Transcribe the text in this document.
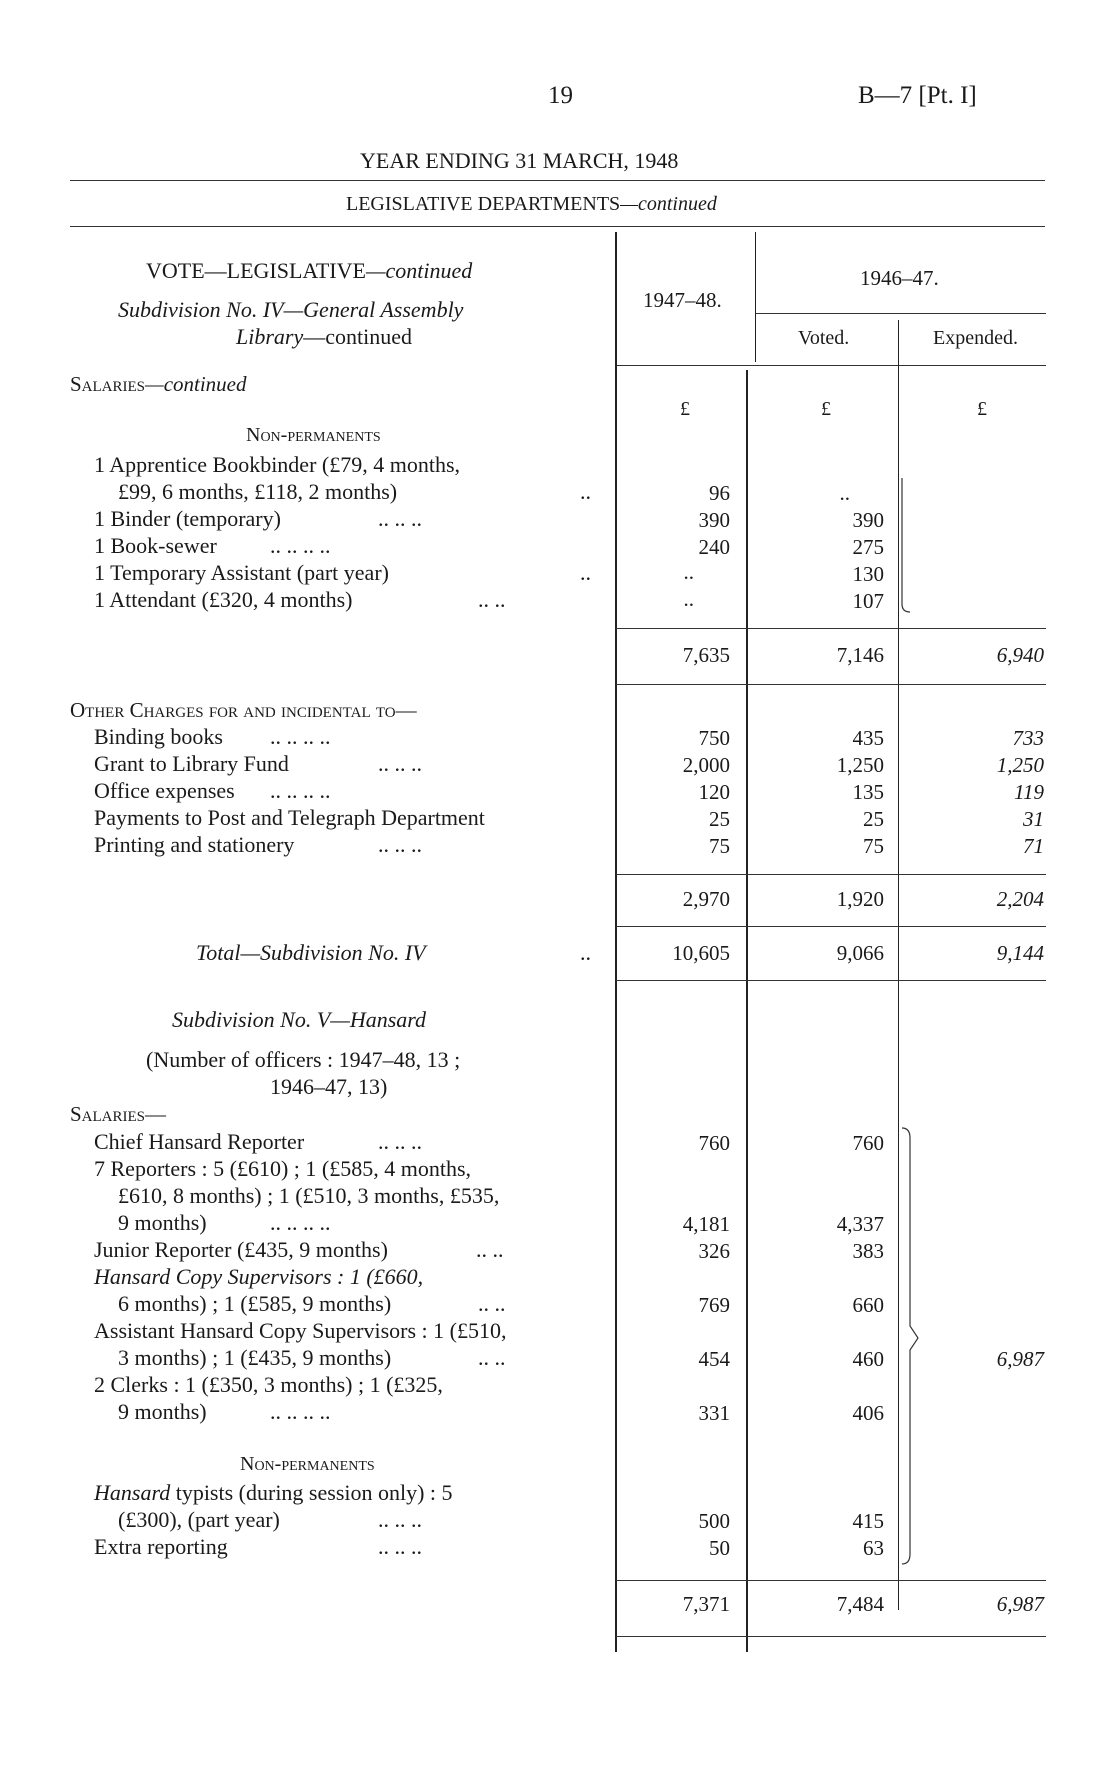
19	B—7 [Pt. I]
YEAR ENDING 31 MARCH, 1948
LEGISLATIVE DEPARTMENTS—continued
VOTE—LEGISLATIVE—continued
Subdivision No. IV—General Assembly
Library—continued
1947–48.
1946–47.
Voted.	Expended.
Salaries—continued
£	£	£
Non-permanents
1 Apprentice Bookbinder (£79, 4 months,
£99, 6 months, £118, 2 months)	..	96	..
1 Binder (temporary)	.. .. ..	390	390
1 Book-sewer .. .. .. ..	240	275
1 Temporary Assistant (part year)	..	..	130
1 Attendant (£320, 4 months)	.. ..	..	107
7,635	7,146	6,940
Other Charges for and incidental to—
Binding books .. .. .. ..	750	435	733
Grant to Library Fund	.. .. ..	2,000	1,250	1,250
Office expenses .. .. .. ..	120	135	119
Payments to Post and Telegraph Department	25	25	31
Printing and stationery	.. .. ..	75	75	71
2,970	1,920	2,204
Total—Subdivision No. IV	..	10,605	9,066	9,144
Subdivision No. V—Hansard
(Number of officers : 1947–48, 13 ;
1946–47, 13)
Salaries—
Chief Hansard Reporter	.. .. ..	760	760
7 Reporters : 5 (£610) ; 1 (£585, 4 months,
£610, 8 months) ; 1 (£510, 3 months, £535,
9 months)	.. .. .. ..	4,181	4,337
Junior Reporter (£435, 9 months)	.. ..	326	383
Hansard Copy Supervisors : 1 (£660,
6 months) ; 1 (£585, 9 months)	.. ..	769	660
Assistant Hansard Copy Supervisors : 1 (£510,
3 months) ; 1 (£435, 9 months)	.. ..	454	460
2 Clerks : 1 (£350, 3 months) ; 1 (£325,
9 months)	.. .. .. ..	331	406
Non-permanents
Hansard typists (during session only) : 5
(£300), (part year)	.. .. ..	500	415
Extra reporting	.. .. ..	50	63
6,987
7,371	7,484	6,987
